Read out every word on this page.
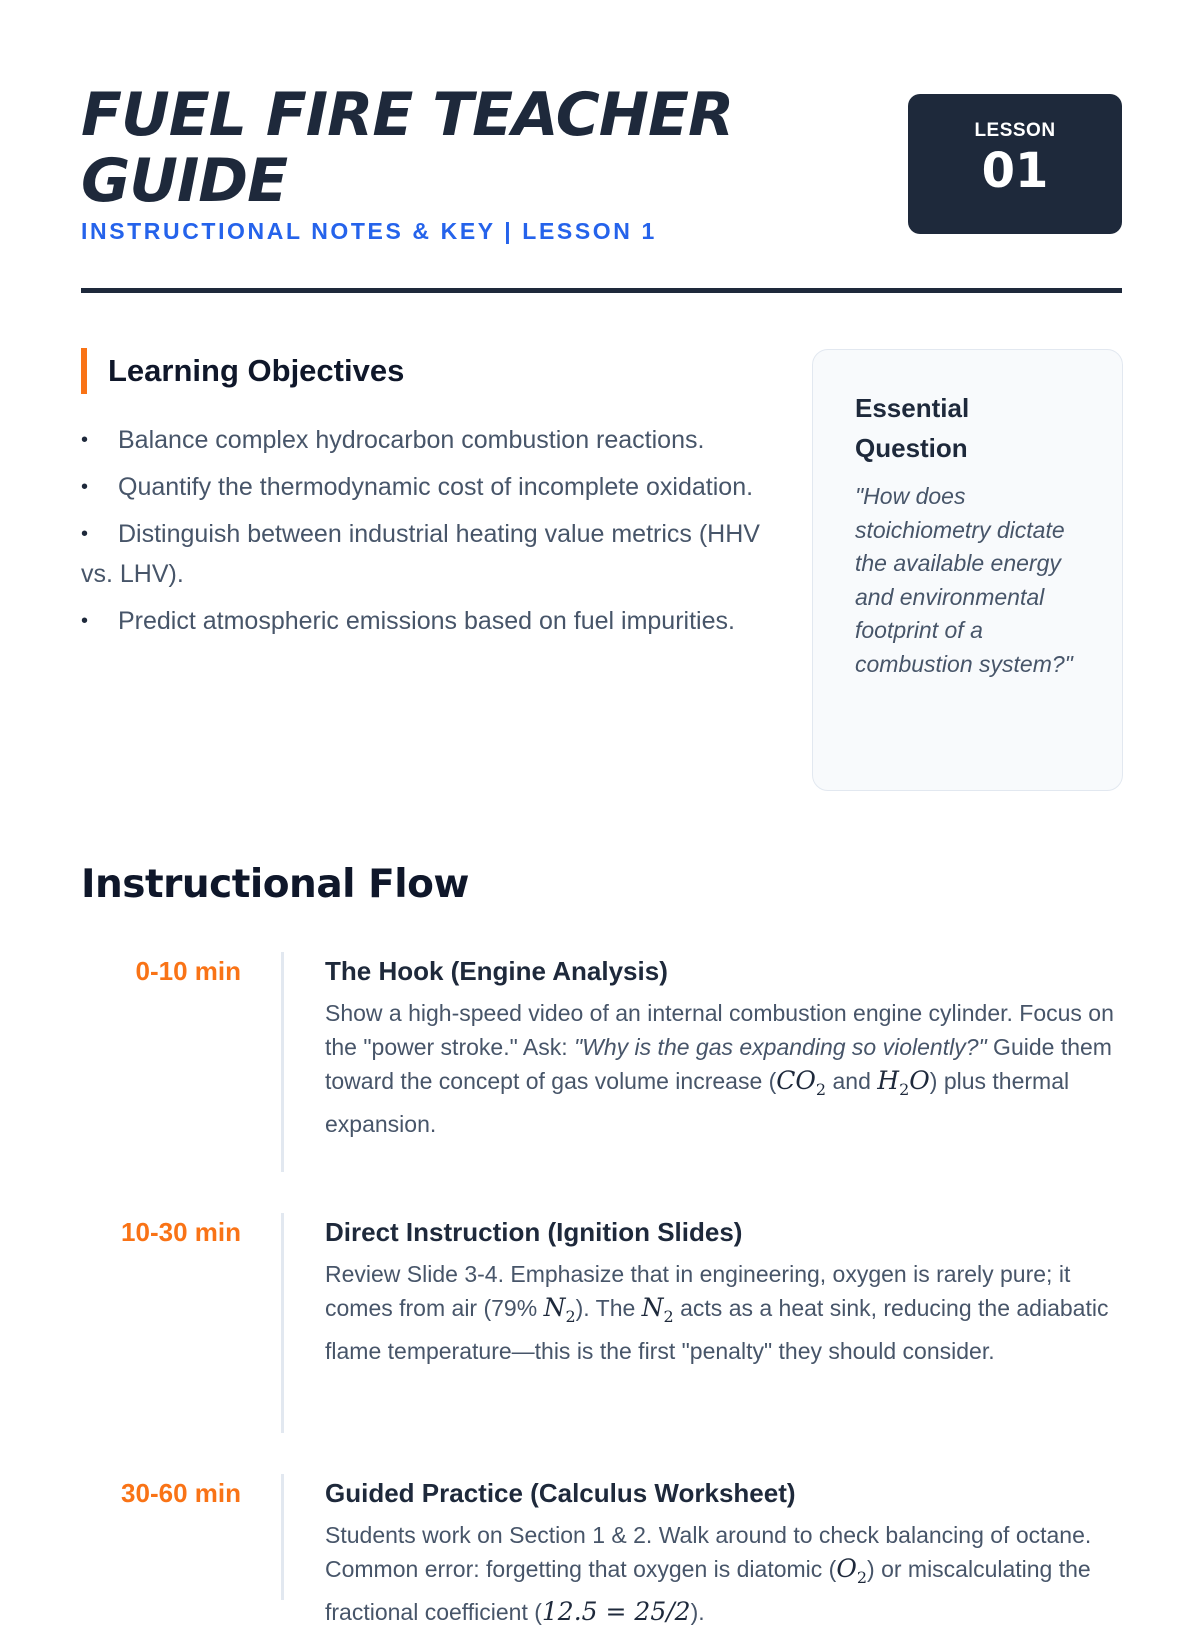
FUEL FIRE TEACHER GUIDE
INSTRUCTIONAL NOTES & KEY | LESSON 1
LESSON
01
Learning Objectives
• Balance complex hydrocarbon combustion reactions.
• Quantify the thermodynamic cost of incomplete oxidation.
• Distinguish between industrial heating value metrics (HHV vs. LHV).
• Predict atmospheric emissions based on fuel impurities.
Essential Question
"How does stoichiometry dictate the available energy and environmental footprint of a combustion system?"
Instructional Flow
0-10 min	The Hook (Engine Analysis)
Show a high-speed video of an internal combustion engine cylinder. Focus on the "power stroke." Ask: "Why is the gas expanding so violently?" Guide them toward the concept of gas volume increase ($CO_2$ and $H_2O$) plus thermal expansion.
10-30 min	Direct Instruction (Ignition Slides)
Review Slide 3-4. Emphasize that in engineering, oxygen is rarely pure; it comes from air (79% $N_2$). The $N_2$ acts as a heat sink, reducing the adiabatic flame temperature—this is the first "penalty" they should consider.
30-60 min	Guided Practice (Calculus Worksheet)
Students work on Section 1 & 2. Walk around to check balancing of octane. Common error: forgetting that oxygen is diatomic $(O_2)$ or miscalculating the fractional coefficient (12.5 = 25/2).
